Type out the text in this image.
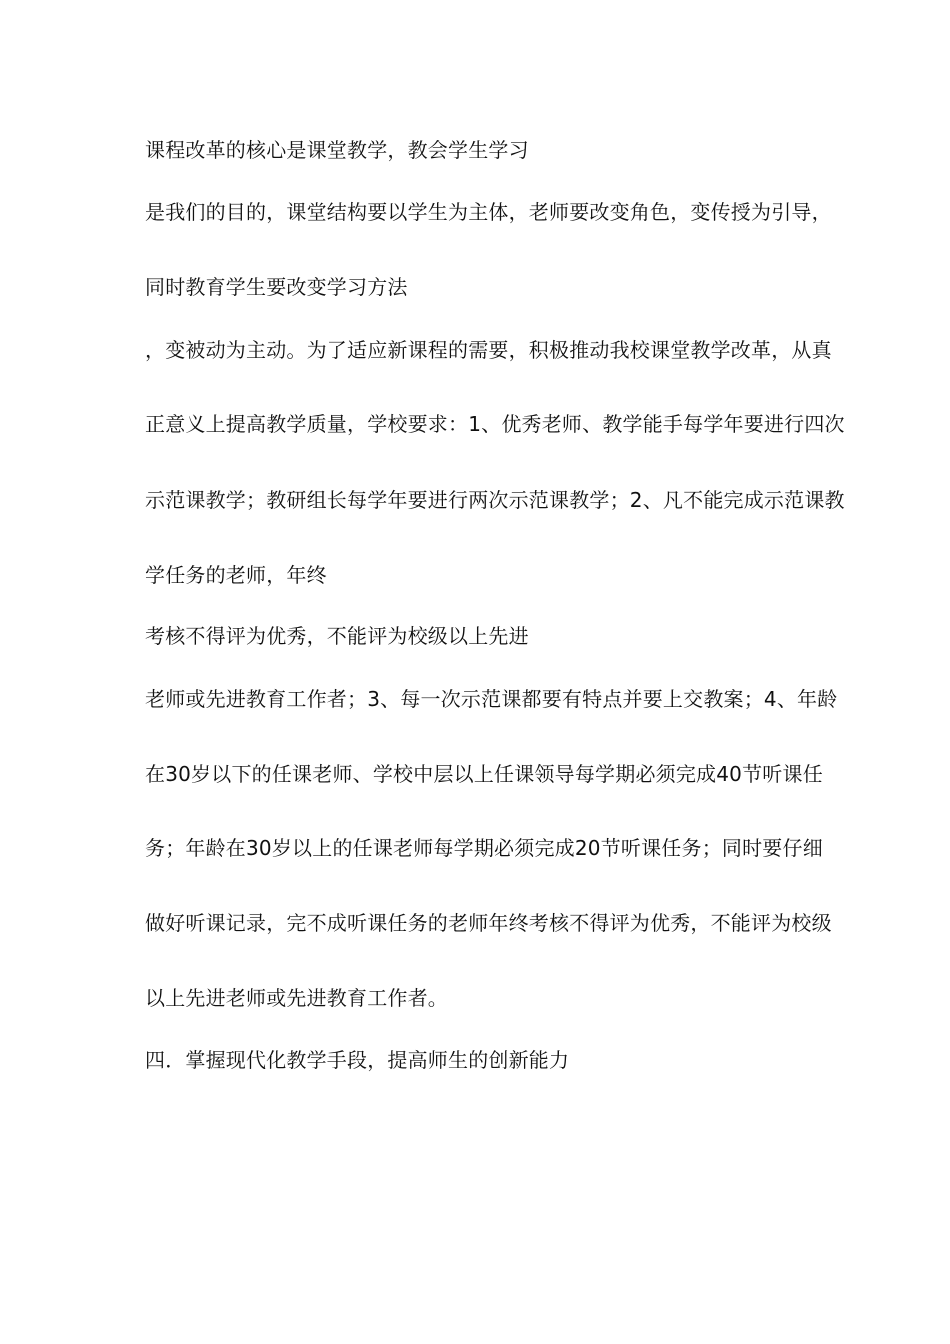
课程改革的核心是课堂教学，教会学生学习

是我们的目的，课堂结构要以学生为主体，老师要改变角色，变传授为引导，

同时教育学生要改变学习方法

，变被动为主动。为了适应新课程的需要，积极推动我校课堂教学改革，从真

正意义上提高教学质量，学校要求：1、优秀老师、教学能手每学年要进行四次

示范课教学；教研组长每学年要进行两次示范课教学；2、凡不能完成示范课教

学任务的老师，年终

考核不得评为优秀，不能评为校级以上先进

老师或先进教育工作者；3、每一次示范课都要有特点并要上交教案；4、年龄

在30岁以下的任课老师、学校中层以上任课领导每学期必须完成40节听课任

务；年龄在30岁以上的任课老师每学期必须完成20节听课任务；同时要仔细

做好听课记录，完不成听课任务的老师年终考核不得评为优秀，不能评为校级

以上先进老师或先进教育工作者。

四．掌握现代化教学手段，提高师生的创新能力
